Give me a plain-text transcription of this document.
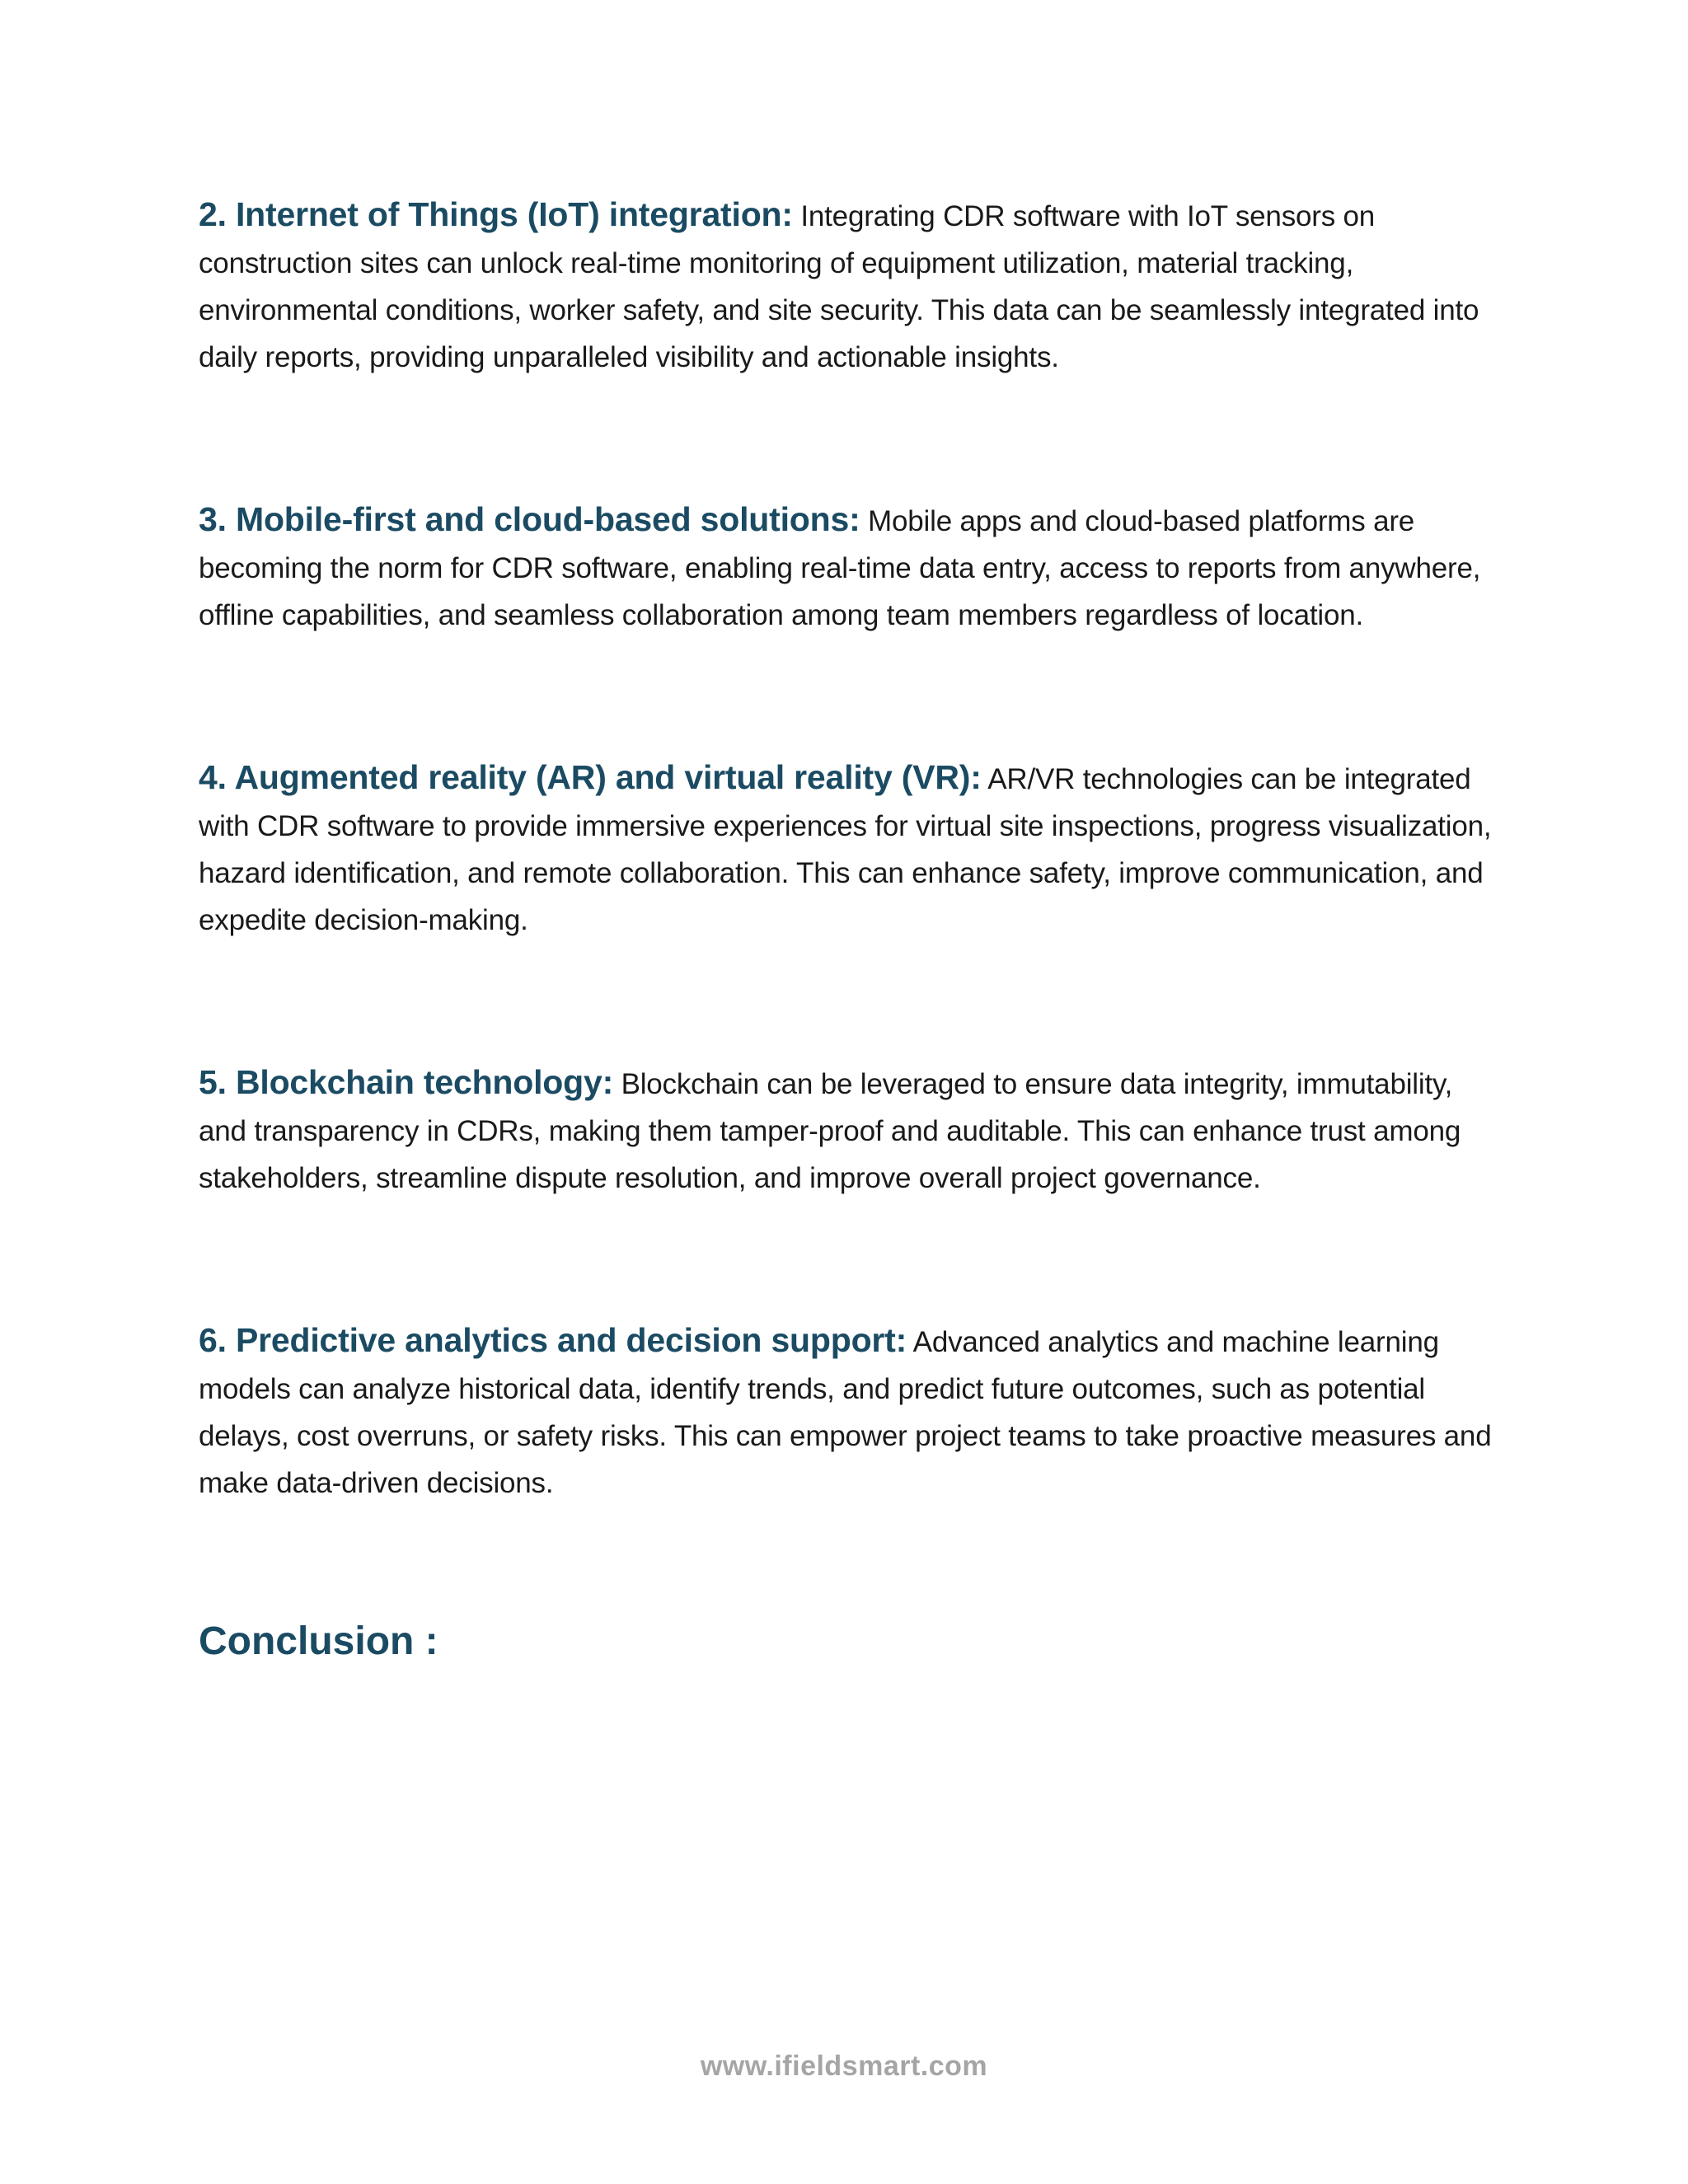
2. Internet of Things (IoT) integration: Integrating CDR software with IoT sensors on construction sites can unlock real-time monitoring of equipment utilization, material tracking, environmental conditions, worker safety, and site security. This data can be seamlessly integrated into daily reports, providing unparalleled visibility and actionable insights.

3. Mobile-first and cloud-based solutions: Mobile apps and cloud-based platforms are becoming the norm for CDR software, enabling real-time data entry, access to reports from anywhere, offline capabilities, and seamless collaboration among team members regardless of location.

4. Augmented reality (AR) and virtual reality (VR): AR/VR technologies can be integrated with CDR software to provide immersive experiences for virtual site inspections, progress visualization, hazard identification, and remote collaboration. This can enhance safety, improve communication, and expedite decision-making.

5. Blockchain technology: Blockchain can be leveraged to ensure data integrity, immutability, and transparency in CDRs, making them tamper-proof and auditable. This can enhance trust among stakeholders, streamline dispute resolution, and improve overall project governance.

6. Predictive analytics and decision support: Advanced analytics and machine learning models can analyze historical data, identify trends, and predict future outcomes, such as potential delays, cost overruns, or safety risks. This can empower project teams to take proactive measures and make data-driven decisions.

Conclusion :
www.ifieldsmart.com
